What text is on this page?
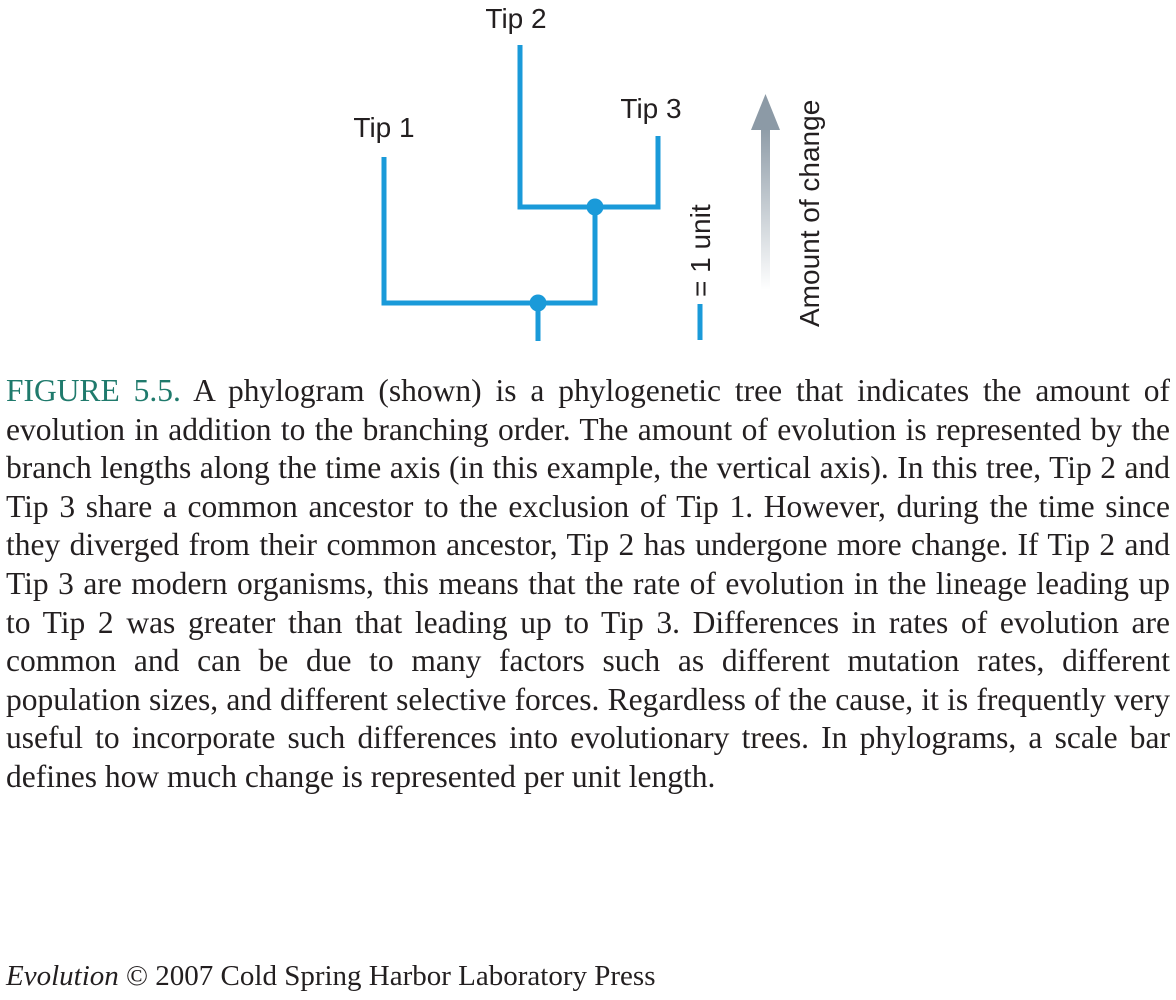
Tip 1
Tip 2
Tip 3
= 1 unit	Amount of change

FIGURE 5.5. A phylogram (shown) is a phylogenetic tree that indicates the amount of evolution in addition to the branching order. The amount of evolution is represented by the branch lengths along the time axis (in this example, the vertical axis). In this tree, Tip 2 and Tip 3 share a common ancestor to the exclusion of Tip 1. However, during the time since they diverged from their common ancestor, Tip 2 has undergone more change. If Tip 2 and Tip 3 are modern organisms, this means that the rate of evolution in the lineage leading up to Tip 2 was greater than that leading up to Tip 3. Differences in rates of evolution are common and can be due to many factors such as different mutation rates, different population sizes, and different selective forces. Regardless of the cause, it is frequently very useful to incorporate such differences into evolutionary trees. In phylograms, a scale bar defines how much change is represented per unit length.

Evolution © 2007 Cold Spring Harbor Laboratory Press
